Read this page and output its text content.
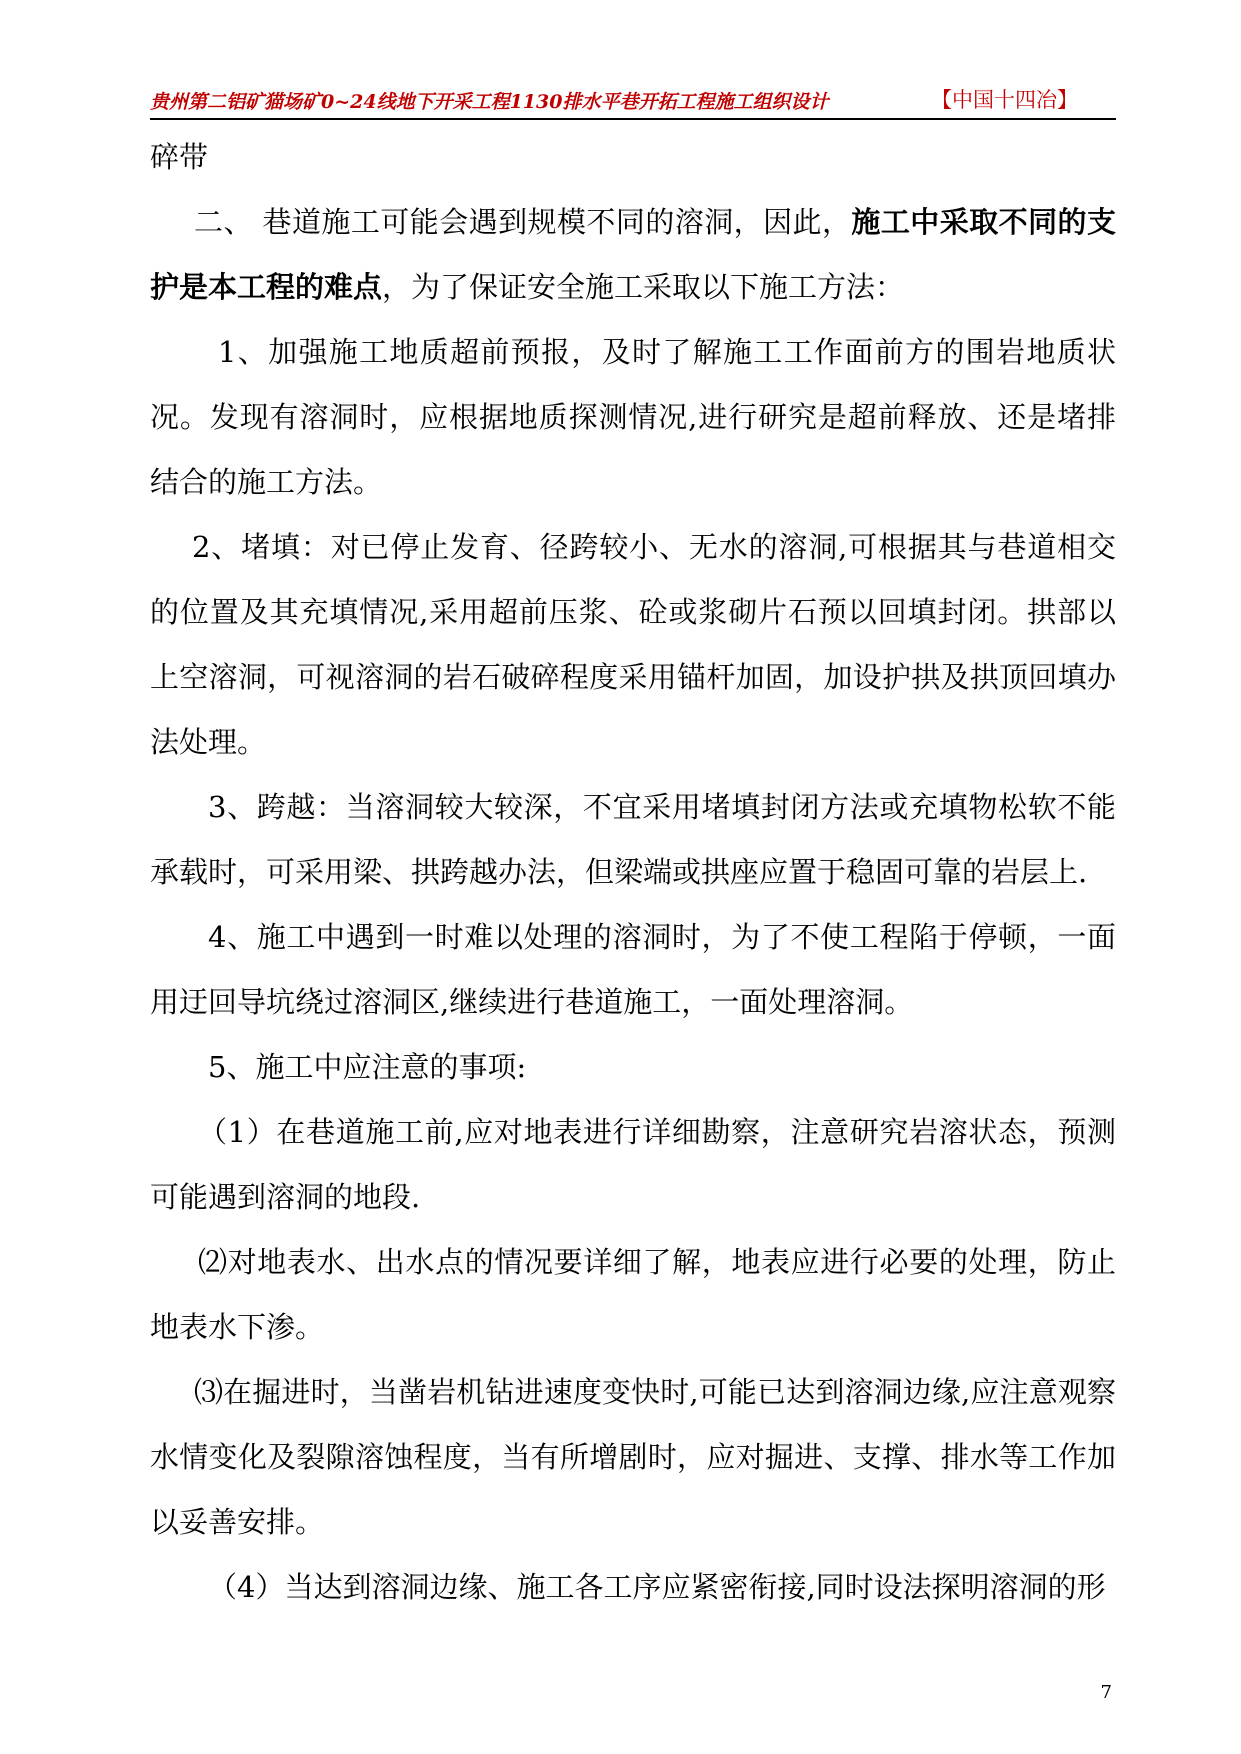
贵州第二铝矿猫场矿0~24线地下开采工程1130排水平巷开拓工程施工组织设计	【中国十四冶】

碎带

二、 巷道施工可能会遇到规模不同的溶洞，因此，施工中采取不同的支护是本工程的难点，为了保证安全施工采取以下施工方法：

1、加强施工地质超前预报，及时了解施工工作面前方的围岩地质状况。发现有溶洞时，应根据地质探测情况,进行研究是超前释放、还是堵排结合的施工方法。

2、堵填：对已停止发育、径跨较小、无水的溶洞,可根据其与巷道相交的位置及其充填情况,采用超前压浆、砼或浆砌片石预以回填封闭。拱部以上空溶洞，可视溶洞的岩石破碎程度采用锚杆加固，加设护拱及拱顶回填办法处理。

3、跨越：当溶洞较大较深，不宜采用堵填封闭方法或充填物松软不能承载时，可采用梁、拱跨越办法，但梁端或拱座应置于稳固可靠的岩层上.

4、施工中遇到一时难以处理的溶洞时，为了不使工程陷于停顿，一面用迂回导坑绕过溶洞区,继续进行巷道施工，一面处理溶洞。

5、施工中应注意的事项:

（1）在巷道施工前,应对地表进行详细勘察，注意研究岩溶状态，预测可能遇到溶洞的地段.

⑵对地表水、出水点的情况要详细了解，地表应进行必要的处理，防止地表水下渗。

⑶在掘进时，当凿岩机钻进速度变快时,可能已达到溶洞边缘,应注意观察水情变化及裂隙溶蚀程度，当有所增剧时，应对掘进、支撑、排水等工作加以妥善安排。

（4）当达到溶洞边缘、施工各工序应紧密衔接,同时设法探明溶洞的形

7
